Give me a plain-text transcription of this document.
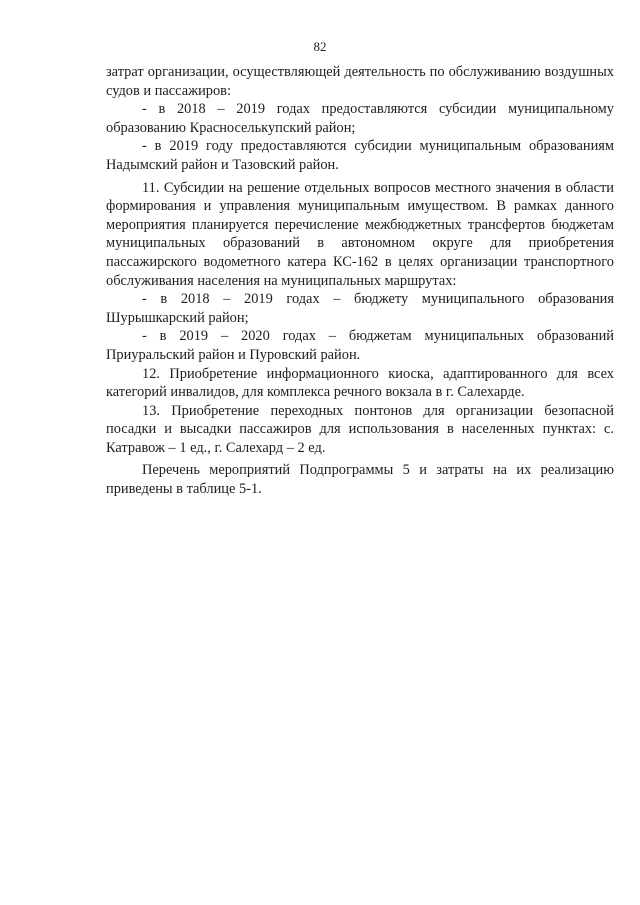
82

затрат организации, осуществляющей деятельность по обслуживанию воздушных судов и пассажиров:

- в 2018 – 2019 годах предоставляются субсидии муниципальному образованию Красноселькупский район;

- в 2019 году предоставляются субсидии муниципальным образованиям Надымский район и Тазовский район.

11. Субсидии на решение отдельных вопросов местного значения в области формирования и управления муниципальным имуществом. В рамках данного мероприятия планируется перечисление межбюджетных трансфертов бюджетам муниципальных образований в автономном округе для приобретения пассажирского водометного катера КС-162 в целях организации транспортного обслуживания населения на муниципальных маршрутах:

- в 2018 – 2019 годах – бюджету муниципального образования Шурышкарский район;

- в 2019 – 2020 годах – бюджетам муниципальных образований Приуральский район и Пуровский район.

12. Приобретение информационного киоска, адаптированного для всех категорий инвалидов, для комплекса речного вокзала в г. Салехарде.

13. Приобретение переходных понтонов для организации безопасной посадки и высадки пассажиров для использования в населенных пунктах: с. Катравож – 1 ед., г. Салехард – 2 ед.

Перечень мероприятий Подпрограммы 5 и затраты на их реализацию приведены в таблице 5-1.
